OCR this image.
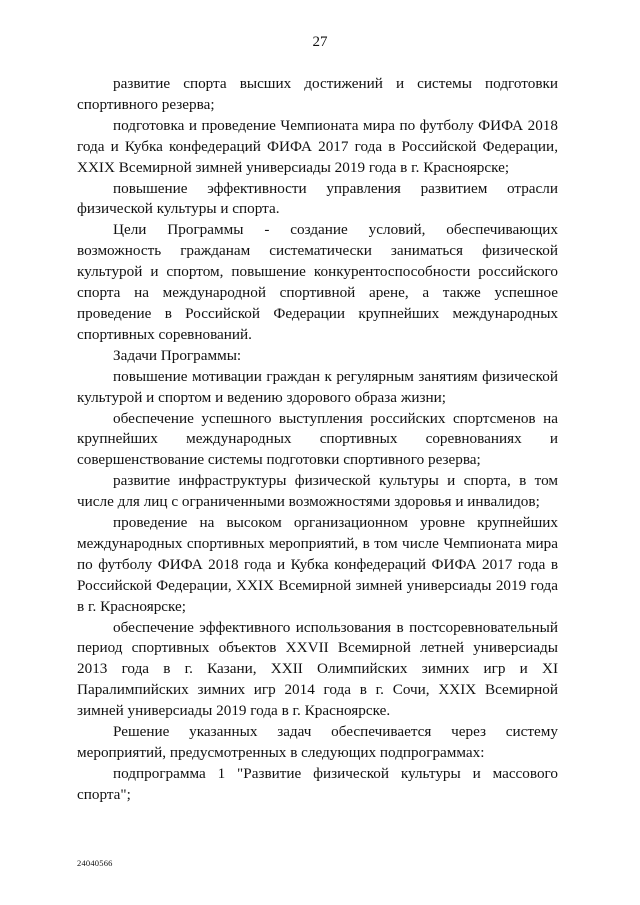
27

развитие спорта высших достижений и системы подготовки спортивного резерва;

подготовка и проведение Чемпионата мира по футболу ФИФА 2018 года и Кубка конфедераций ФИФА 2017 года в Российской Федерации, XXIX Всемирной зимней универсиады 2019 года в г. Красноярске;

повышение эффективности управления развитием отрасли физической культуры и спорта.

Цели Программы - создание условий, обеспечивающих возможность гражданам систематически заниматься физической культурой и спортом, повышение конкурентоспособности российского спорта на международной спортивной арене, а также успешное проведение в Российской Федерации крупнейших международных спортивных соревнований.

Задачи Программы:

повышение мотивации граждан к регулярным занятиям физической культурой и спортом и ведению здорового образа жизни;

обеспечение успешного выступления российских спортсменов на крупнейших международных спортивных соревнованиях и совершенствование системы подготовки спортивного резерва;

развитие инфраструктуры физической культуры и спорта, в том числе для лиц с ограниченными возможностями здоровья и инвалидов;

проведение на высоком организационном уровне крупнейших международных спортивных мероприятий, в том числе Чемпионата мира по футболу ФИФА 2018 года и Кубка конфедераций ФИФА 2017 года в Российской Федерации, XXIX Всемирной зимней универсиады 2019 года в г. Красноярске;

обеспечение эффективного использования в постсоревновательный период спортивных объектов XXVII Всемирной летней универсиады 2013 года в г. Казани, XXII Олимпийских зимних игр и XI Паралимпийских зимних игр 2014 года в г. Сочи, XXIX Всемирной зимней универсиады 2019 года в г. Красноярске.

Решение указанных задач обеспечивается через систему мероприятий, предусмотренных в следующих подпрограммах:

подпрограмма 1 "Развитие физической культуры и массового спорта";

24040566
